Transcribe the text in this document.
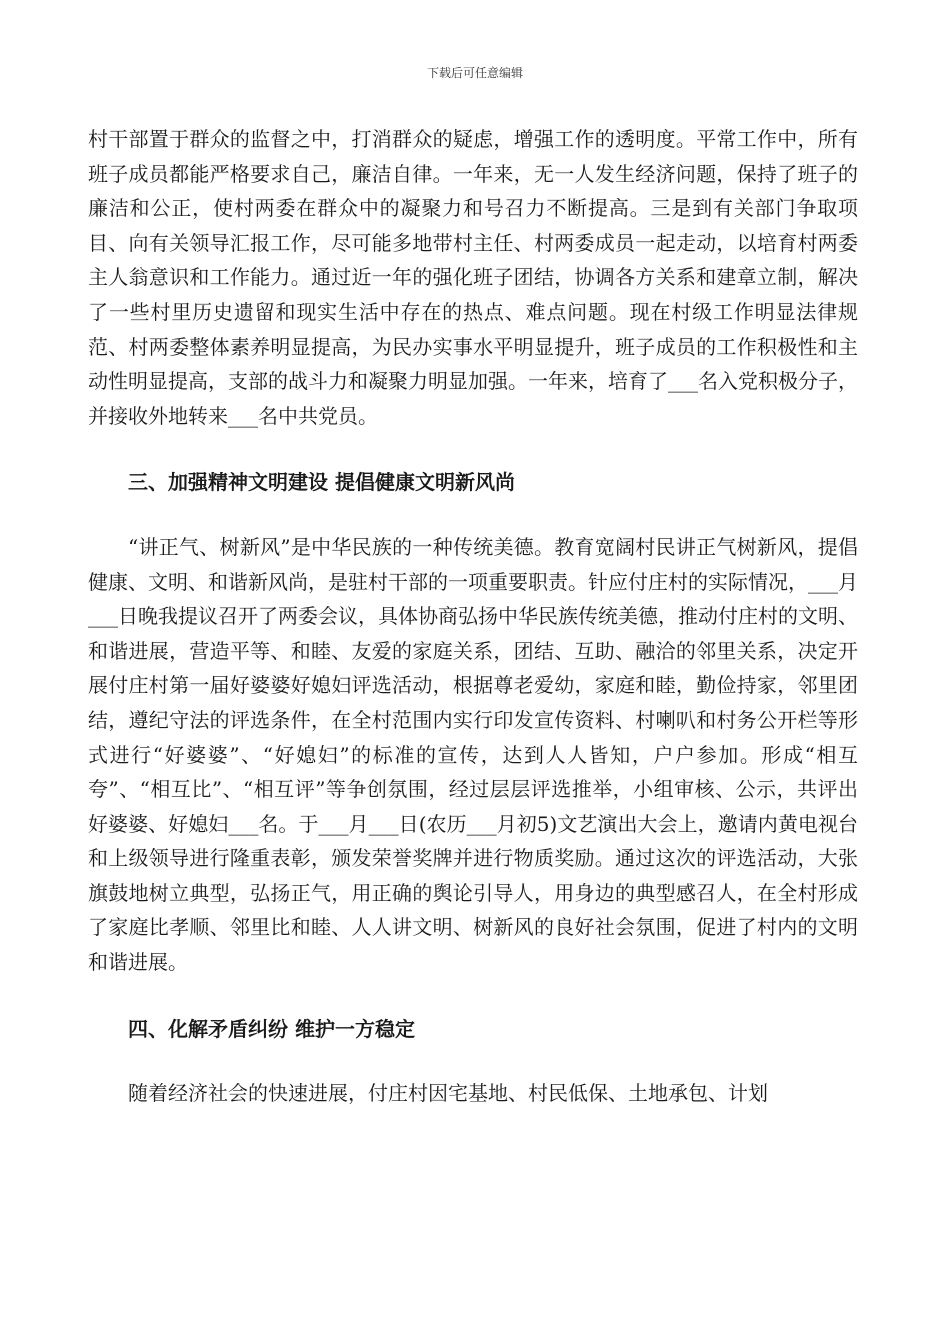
下载后可任意编辑

村干部置于群众的监督之中，打消群众的疑虑，增强工作的透明度。平常工作中，所有班子成员都能严格要求自己，廉洁自律。一年来，无一人发生经济问题，保持了班子的廉洁和公正，使村两委在群众中的凝聚力和号召力不断提高。三是到有关部门争取项目、向有关领导汇报工作，尽可能多地带村主任、村两委成员一起走动，以培育村两委主人翁意识和工作能力。通过近一年的强化班子团结，协调各方关系和建章立制，解决了一些村里历史遗留和现实生活中存在的热点、难点问题。现在村级工作明显法律规范、村两委整体素养明显提高，为民办实事水平明显提升，班子成员的工作积极性和主动性明显提高，支部的战斗力和凝聚力明显加强。一年来，培育了___名入党积极分子，并接收外地转来___名中共党员。

三、加强精神文明建设 提倡健康文明新风尚

“讲正气、树新风”是中华民族的一种传统美德。教育宽阔村民讲正气树新风，提倡健康、文明、和谐新风尚，是驻村干部的一项重要职责。针应付庄村的实际情况，___月___日晚我提议召开了两委会议，具体协商弘扬中华民族传统美德，推动付庄村的文明、和谐进展，营造平等、和睦、友爱的家庭关系，团结、互助、融洽的邻里关系，决定开展付庄村第一届好婆婆好媳妇评选活动，根据尊老爱幼，家庭和睦，勤俭持家，邻里团结，遵纪守法的评选条件，在全村范围内实行印发宣传资料、村喇叭和村务公开栏等形式进行“好婆婆”、“好媳妇”的标准的宣传，达到人人皆知，户户参加。形成“相互夸”、“相互比”、“相互评”等争创氛围，经过层层评选推举，小组审核、公示，共评出好婆婆、好媳妇___名。于___月___日(农历___月初5)文艺演出大会上，邀请内黄电视台和上级领导进行隆重表彰，颁发荣誉奖牌并进行物质奖励。通过这次的评选活动，大张旗鼓地树立典型，弘扬正气，用正确的舆论引导人，用身边的典型感召人，在全村形成了家庭比孝顺、邻里比和睦、人人讲文明、树新风的良好社会氛围，促进了村内的文明和谐进展。

四、化解矛盾纠纷 维护一方稳定

随着经济社会的快速进展，付庄村因宅基地、村民低保、土地承包、计划
